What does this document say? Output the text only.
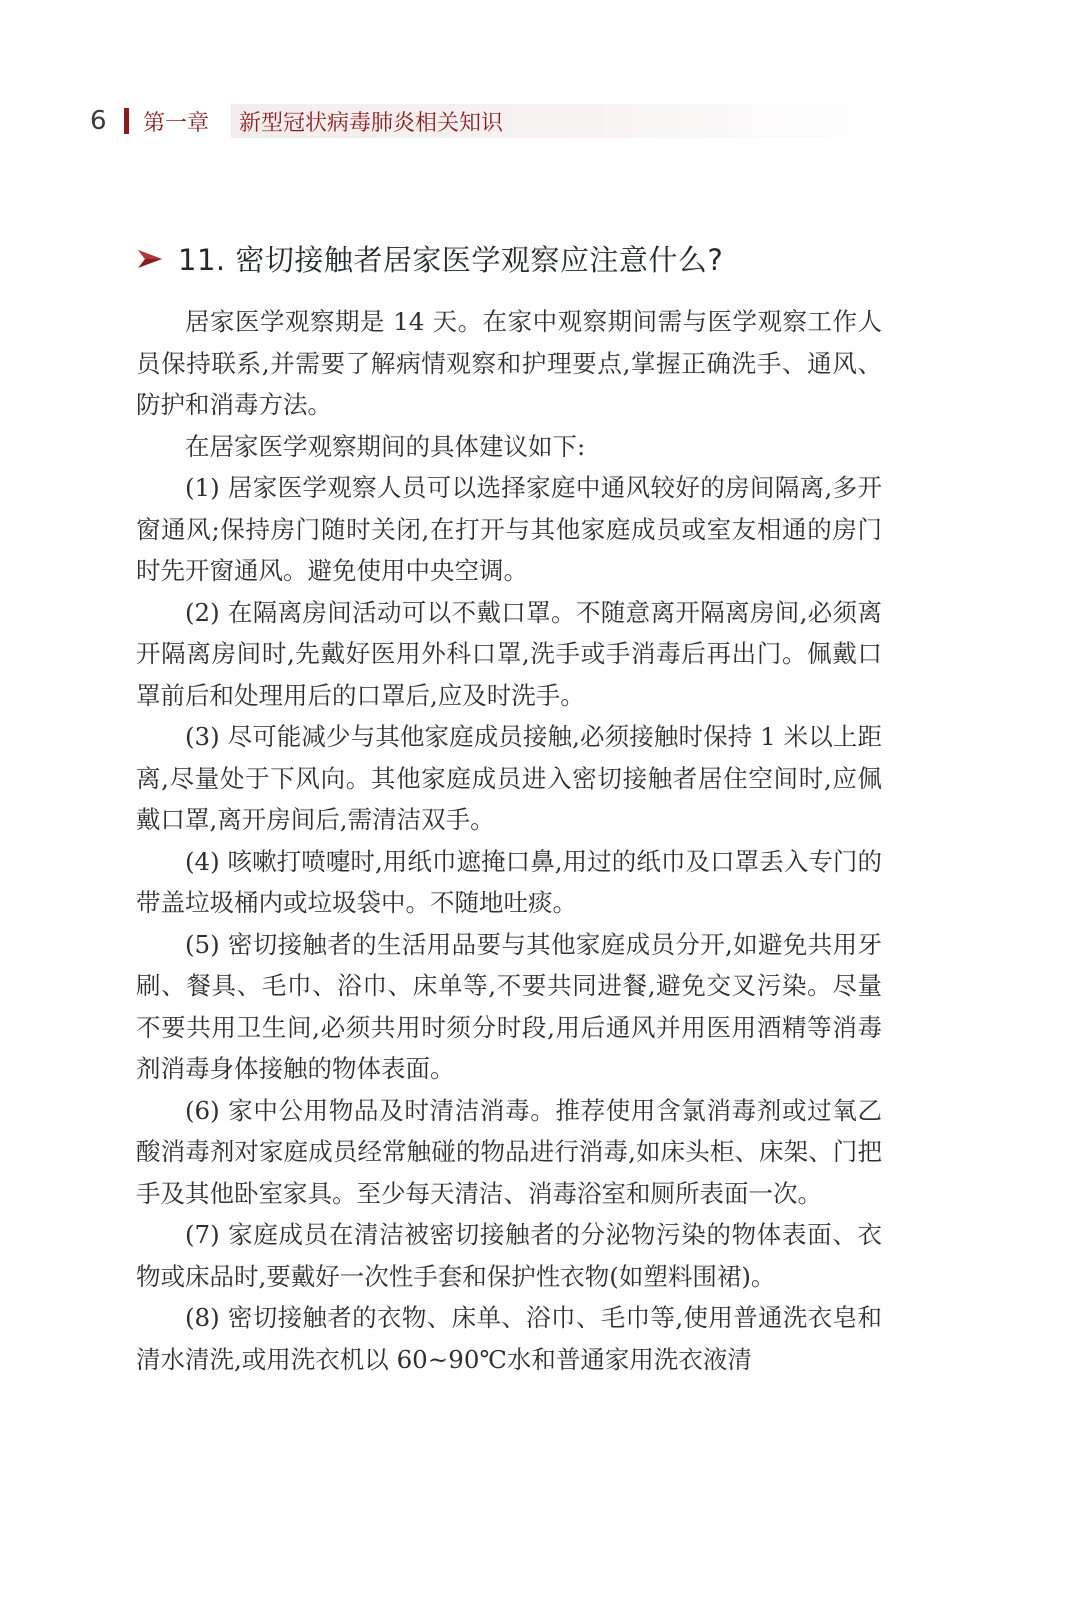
6	第一章 新型冠状病毒肺炎相关知识
11. 密切接触者居家医学观察应注意什么?

居家医学观察期是 14 天。在家中观察期间需与医学观察工作人员保持联系,并需要了解病情观察和护理要点,掌握正确洗手、通风、防护和消毒方法。

在居家医学观察期间的具体建议如下:

(1) 居家医学观察人员可以选择家庭中通风较好的房间隔离,多开窗通风;保持房门随时关闭,在打开与其他家庭成员或室友相通的房门时先开窗通风。避免使用中央空调。

(2) 在隔离房间活动可以不戴口罩。不随意离开隔离房间,必须离开隔离房间时,先戴好医用外科口罩,洗手或手消毒后再出门。佩戴口罩前后和处理用后的口罩后,应及时洗手。

(3) 尽可能减少与其他家庭成员接触,必须接触时保持 1 米以上距离,尽量处于下风向。其他家庭成员进入密切接触者居住空间时,应佩戴口罩,离开房间后,需清洁双手。

(4) 咳嗽打喷嚏时,用纸巾遮掩口鼻,用过的纸巾及口罩丢入专门的带盖垃圾桶内或垃圾袋中。不随地吐痰。

(5) 密切接触者的生活用品要与其他家庭成员分开,如避免共用牙刷、餐具、毛巾、浴巾、床单等,不要共同进餐,避免交叉污染。尽量不要共用卫生间,必须共用时须分时段,用后通风并用医用酒精等消毒剂消毒身体接触的物体表面。

(6) 家中公用物品及时清洁消毒。推荐使用含氯消毒剂或过氧乙酸消毒剂对家庭成员经常触碰的物品进行消毒,如床头柜、床架、门把手及其他卧室家具。至少每天清洁、消毒浴室和厕所表面一次。

(7) 家庭成员在清洁被密切接触者的分泌物污染的物体表面、衣物或床品时,要戴好一次性手套和保护性衣物(如塑料围裙)。

(8) 密切接触者的衣物、床单、浴巾、毛巾等,使用普通洗衣皂和清水清洗,或用洗衣机以 60~90℃水和普通家用洗衣液清
